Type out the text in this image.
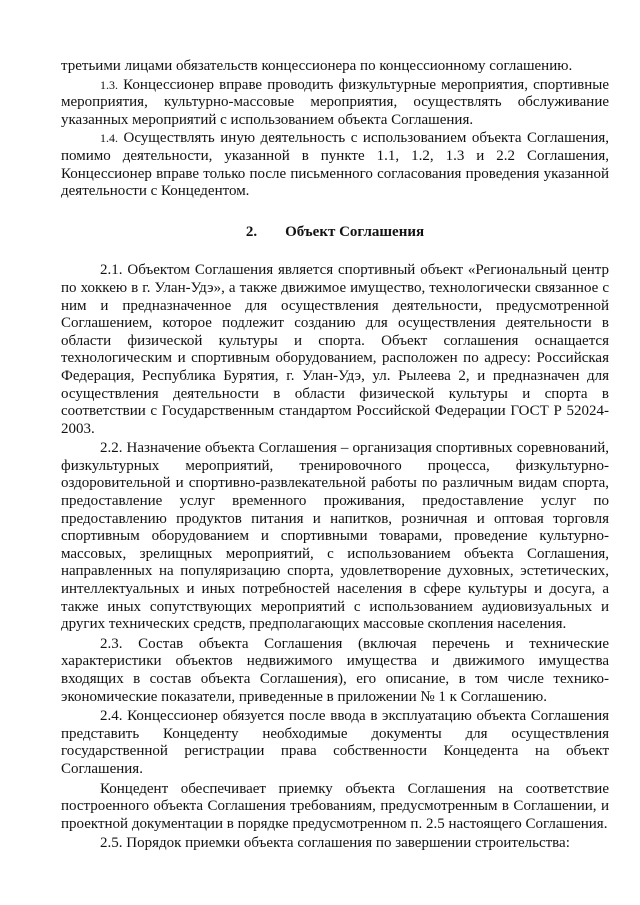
третьими лицами обязательств концессионера по концессионному соглашению.

1.3. Концессионер вправе проводить физкультурные мероприятия, спортивные мероприятия, культурно-массовые мероприятия, осуществлять обслуживание указанных мероприятий с использованием объекта Соглашения.

1.4. Осуществлять иную деятельность с использованием объекта Соглашения, помимо деятельности, указанной в пункте 1.1, 1.2, 1.3 и 2.2 Соглашения, Концессионер вправе только после письменного согласования проведения указанной деятельности с Концедентом.

2. Объект Соглашения

2.1. Объектом Соглашения является спортивный объект «Региональный центр по хоккею в г. Улан-Удэ», а также движимое имущество, технологически связанное с ним и предназначенное для осуществления деятельности, предусмотренной Соглашением, которое подлежит созданию для осуществления деятельности в области физической культуры и спорта. Объект соглашения оснащается технологическим и спортивным оборудованием, расположен по адресу: Российская Федерация, Республика Бурятия, г. Улан-Удэ, ул. Рылеева 2, и предназначен для осуществления деятельности в области физической культуры и спорта в соответствии с Государственным стандартом Российской Федерации ГОСТ Р 52024-2003.

2.2. Назначение объекта Соглашения – организация спортивных соревнований, физкультурных мероприятий, тренировочного процесса, физкультурно-оздоровительной и спортивно-развлекательной работы по различным видам спорта, предоставление услуг временного проживания, предоставление услуг по предоставлению продуктов питания и напитков, розничная и оптовая торговля спортивным оборудованием и спортивными товарами, проведение культурно-массовых, зрелищных мероприятий, с использованием объекта Соглашения, направленных на популяризацию спорта, удовлетворение духовных, эстетических, интеллектуальных и иных потребностей населения в сфере культуры и досуга, а также иных сопутствующих мероприятий с использованием аудиовизуальных и других технических средств, предполагающих массовые скопления населения.

2.3. Состав объекта Соглашения (включая перечень и технические характеристики объектов недвижимого имущества и движимого имущества входящих в состав объекта Соглашения), его описание, в том числе технико-экономические показатели, приведенные в приложении № 1 к Соглашению.

2.4. Концессионер обязуется после ввода в эксплуатацию объекта Соглашения представить Концеденту необходимые документы для осуществления государственной регистрации права собственности Концедента на объект Соглашения.

Концедент обеспечивает приемку объекта Соглашения на соответствие построенного объекта Соглашения требованиям, предусмотренным в Соглашении, и проектной документации в порядке предусмотренном п. 2.5 настоящего Соглашения.

2.5. Порядок приемки объекта соглашения по завершении строительства:
